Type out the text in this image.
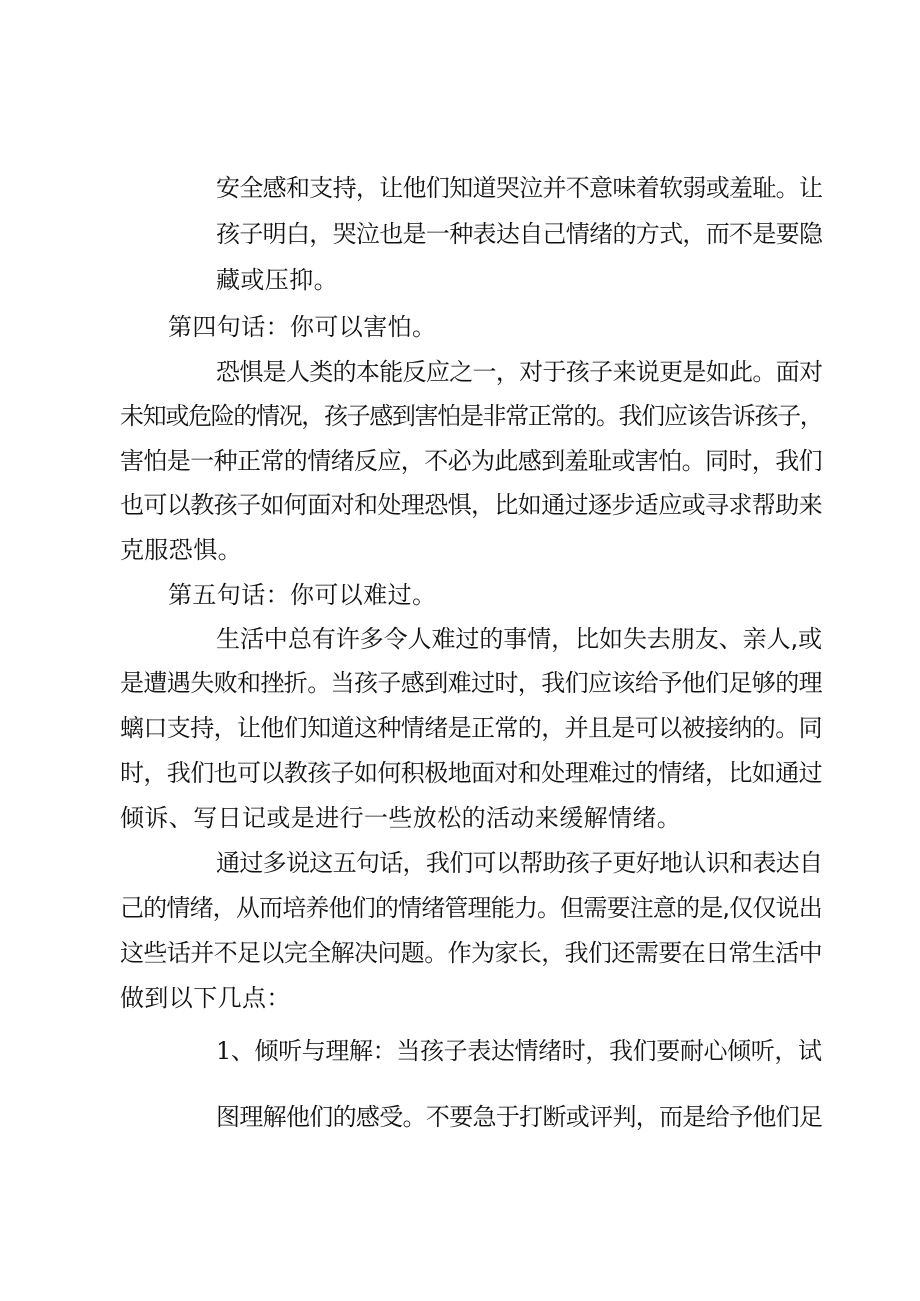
安全感和支持，让他们知道哭泣并不意味着软弱或羞耻。让
孩子明白，哭泣也是一种表达自己情绪的方式，而不是要隐
藏或压抑。
第四句话：你可以害怕。
恐惧是人类的本能反应之一，对于孩子来说更是如此。面对
未知或危险的情况，孩子感到害怕是非常正常的。我们应该告诉孩子，
害怕是一种正常的情绪反应，不必为此感到羞耻或害怕。同时，我们
也可以教孩子如何面对和处理恐惧，比如通过逐步适应或寻求帮助来
克服恐惧。
第五句话：你可以难过。
生活中总有许多令人难过的事情，比如失去朋友、亲人,或
是遭遇失败和挫折。当孩子感到难过时，我们应该给予他们足够的理
螭口支持，让他们知道这种情绪是正常的，并且是可以被接纳的。同
时，我们也可以教孩子如何积极地面对和处理难过的情绪，比如通过
倾诉、写日记或是进行一些放松的活动来缓解情绪。
通过多说这五句话，我们可以帮助孩子更好地认识和表达自
己的情绪，从而培养他们的情绪管理能力。但需要注意的是,仅仅说出
这些话并不足以完全解决问题。作为家长，我们还需要在日常生活中
做到以下几点：
1、倾听与理解：当孩子表达情绪时，我们要耐心倾听，试
图理解他们的感受。不要急于打断或评判，而是给予他们足
